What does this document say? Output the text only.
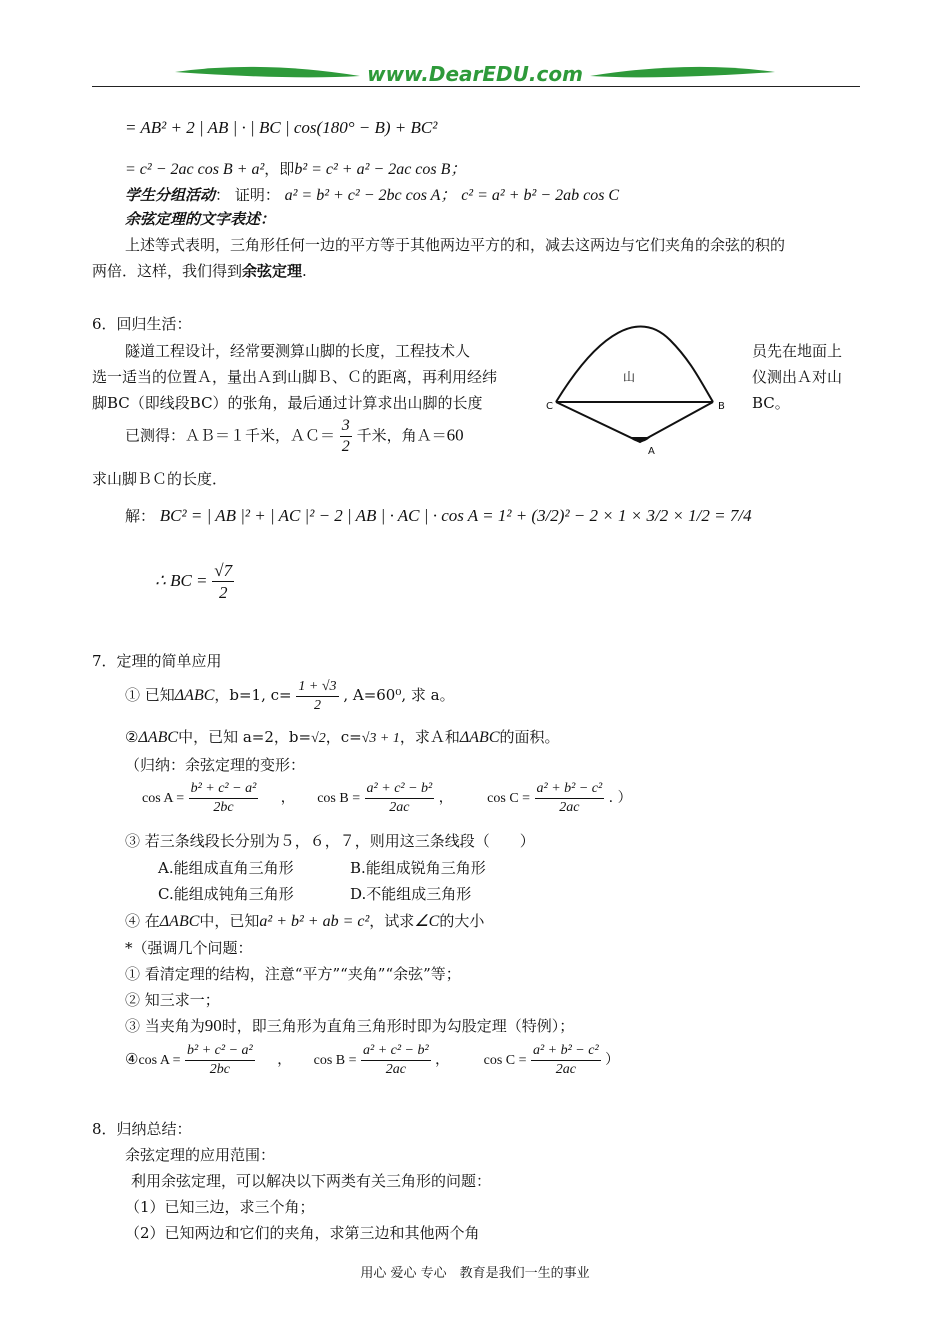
www.DearEDU.com
= AB² + 2 | AB | · | BC | cos(180° − B) + BC²
= c² − 2ac cos B + a²，即b² = c² + a² − 2ac cos B；
学生分组活动： 证明： a² = b² + c² − 2bc cos A； c² = a² + b² − 2ab cos C
余弦定理的文字表述：
上述等式表明，三角形任何一边的平方等于其他两边平方的和，减去这两边与它们夹角的余弦的积的
两倍．这样，我们得到余弦定理.
6．回归生活：
隧道工程设计，经常要测算山脚的长度，工程技术人	员先在地面上
选一适当的位置Ａ，量出Ａ到山脚Ｂ、Ｃ的距离，再利用经纬	仪测出Ａ对山
脚BC（即线段BC）的张角，最后通过计算求出山脚的长度	BC。
山
C	B
A
已测得：ＡＢ＝１千米，ＡＣ＝ $\frac{3}{2}$ 千米，角Ａ＝60
求山脚ＢＣ的长度．
解： BC² = | AB |² + | AC |² − 2 | AB | · AC | · cos A = 1² + (3/2)² − 2 × 1 × 3/2 × 1/2 = 7/4
∴ BC = $\frac{√7}{2}$
7．定理的简单应用
① 已知ΔABC，b=1, $c= \frac{1 + √3}{2}$ , A=60⁰, 求 a。
②ΔABC中，已知 a=2，b=√2，c=√3 + 1，求Ａ和ΔABC的面积。
（归纳：余弦定理的变形：
$\cos A = \frac{\text{b² + c² − a²}}{2bc}$ ， $\cos B = \frac{\text{a² + c² − b²}}{2ac}$ ， $\cos C = \frac{\text{a² + b² − c²}}{2ac}$ . ）
③ 若三条线段长分别为５，６，７，则用这三条线段（　　）
A.能组成直角三角形	B.能组成锐角三角形
C.能组成钝角三角形	D.不能组成三角形
④ 在ΔABC中，已知a² + b² + ab = c²，试求∠C的大小
*（强调几个问题：
① 看清定理的结构，注意“平方”“夹角”“余弦”等；
② 知三求一；
③ 当夹角为90时，即三角形为直角三角形时即为勾股定理（特例）；
④cos $A = \frac{\text{b² + c² − a²}}{2bc}$ ， $\cos B = \frac{\text{a² + c² − b²}}{2ac}$ ， $\cos C = \frac{\text{a² + b² − c²}}{2ac}$ ）
8．归纳总结：
余弦定理的应用范围：
利用余弦定理，可以解决以下两类有关三角形的问题：
（1）已知三边，求三个角；
（2）已知两边和它们的夹角，求第三边和其他两个角
用心 爱心 专心　教育是我们一生的事业
